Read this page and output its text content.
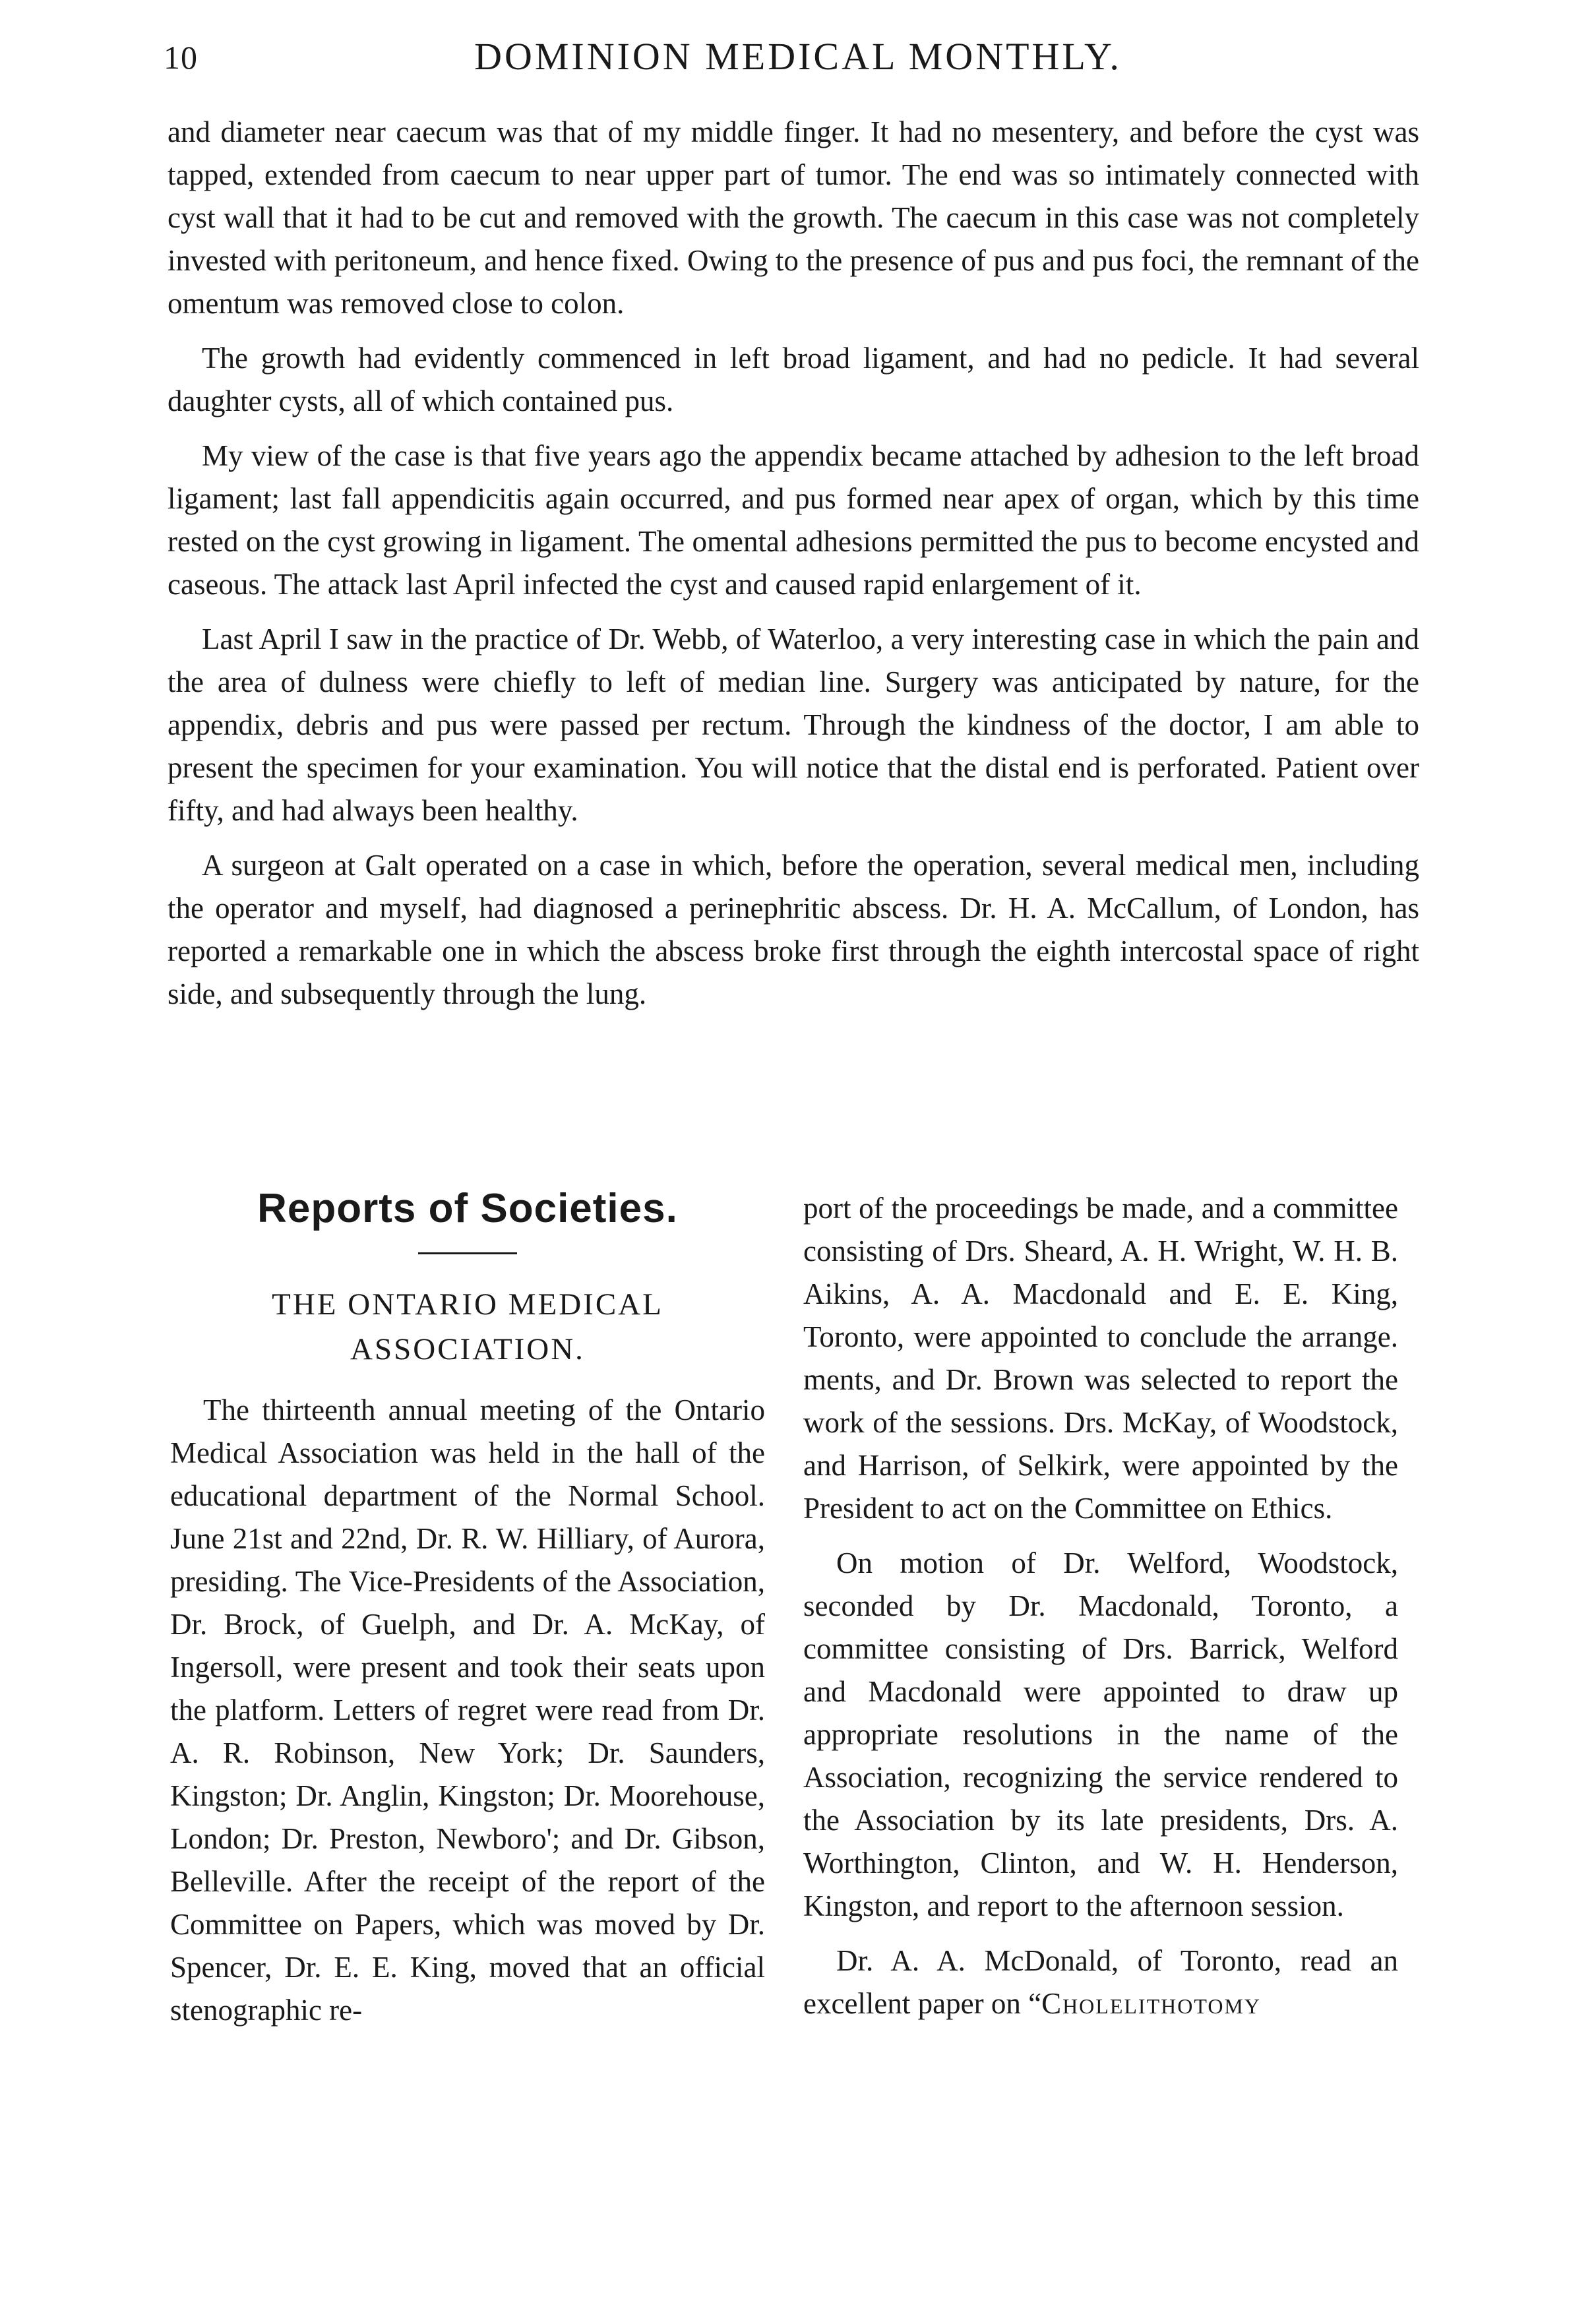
10	DOMINION MEDICAL MONTHLY.

and diameter near caecum was that of my middle finger. It had no mesentery, and before the cyst was tapped, extended from caecum to near upper part of tumor. The end was so intimately connected with cyst wall that it had to be cut and removed with the growth. The caecum in this case was not completely invested with peritoneum, and hence fixed. Owing to the presence of pus and pus foci, the remnant of the omentum was removed close to colon.

The growth had evidently commenced in left broad ligament, and had no pedicle. It had several daughter cysts, all of which contained pus.

My view of the case is that five years ago the appendix became attached by adhesion to the left broad ligament; last fall appendicitis again occurred, and pus formed near apex of organ, which by this time rested on the cyst growing in ligament. The omental adhesions permitted the pus to become encysted and caseous. The attack last April infected the cyst and caused rapid enlargement of it.

Last April I saw in the practice of Dr. Webb, of Waterloo, a very interesting case in which the pain and the area of dulness were chiefly to left of median line. Surgery was anticipated by nature, for the appendix, debris and pus were passed per rectum. Through the kindness of the doctor, I am able to present the specimen for your examination. You will notice that the distal end is perforated. Patient over fifty, and had always been healthy.

A surgeon at Galt operated on a case in which, before the operation, several medical men, including the operator and myself, had diagnosed a perinephritic abscess. Dr. H. A. McCallum, of London, has reported a remarkable one in which the abscess broke first through the eighth intercostal space of right side, and subsequently through the lung.

Reports of Societies.
THE ONTARIO MEDICAL ASSOCIATION.

The thirteenth annual meeting of the Ontario Medical Association was held in the hall of the educational department of the Normal School. June 21st and 22nd, Dr. R. W. Hilliary, of Aurora, presiding. The Vice-Presidents of the Association, Dr. Brock, of Guelph, and Dr. A. McKay, of Ingersoll, were present and took their seats upon the platform. Letters of regret were read from Dr. A. R. Robinson, New York; Dr. Saunders, Kingston; Dr. Anglin, Kingston; Dr. Moorehouse, London; Dr. Preston, Newboro'; and Dr. Gibson, Belleville. After the receipt of the report of the Committee on Papers, which was moved by Dr. Spencer, Dr. E. E. King, moved that an official stenographic re-

port of the proceedings be made, and a committee consisting of Drs. Sheard, A. H. Wright, W. H. B. Aikins, A. A. Macdonald and E. E. King, Toronto, were appointed to conclude the arrange. ments, and Dr. Brown was selected to report the work of the sessions. Drs. McKay, of Woodstock, and Harrison, of Selkirk, were appointed by the President to act on the Committee on Ethics.

On motion of Dr. Welford, Woodstock, seconded by Dr. Macdonald, Toronto, a committee consisting of Drs. Barrick, Welford and Macdonald were appointed to draw up appropriate resolutions in the name of the Association, recognizing the service rendered to the Association by its late presidents, Drs. A. Worthington, Clinton, and W. H. Henderson, Kingston, and report to the afternoon session.

Dr. A. A. McDonald, of Toronto, read an excellent paper on “Cholelithotomy
